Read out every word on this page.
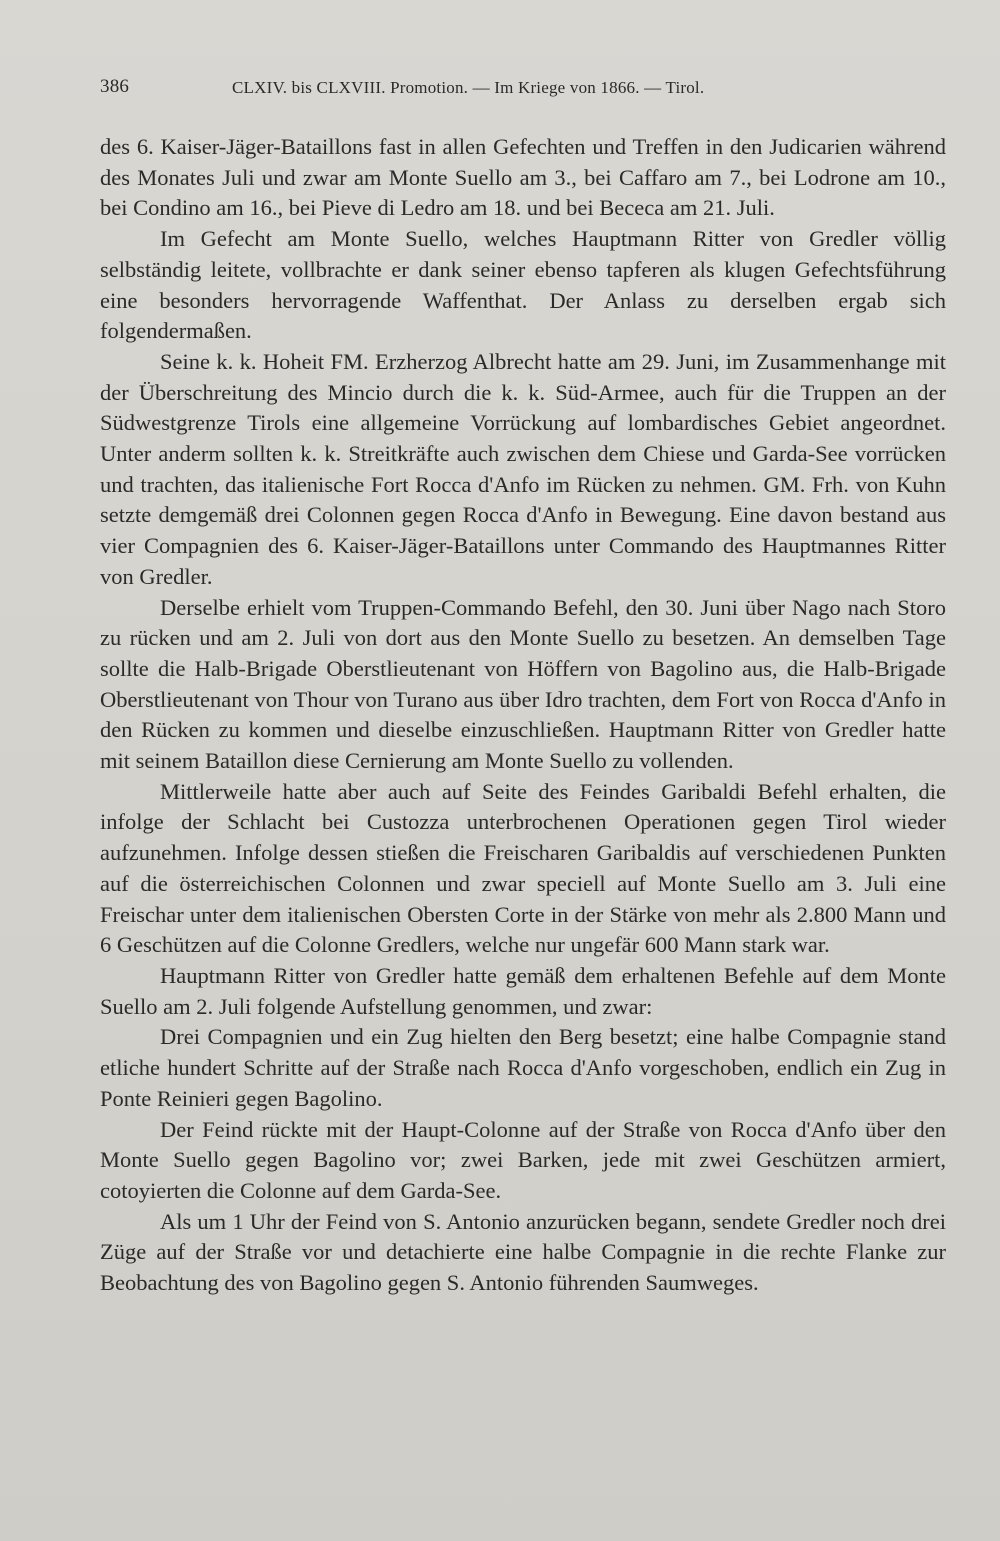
386	CLXIV. bis CLXVIII. Promotion. — Im Kriege von 1866. — Tirol.

des 6. Kaiser-Jäger-Bataillons fast in allen Gefechten und Treffen in den Judicarien während des Monates Juli und zwar am Monte Suello am 3., bei Caffaro am 7., bei Lodrone am 10., bei Condino am 16., bei Pieve di Ledro am 18. und bei Bececa am 21. Juli.

Im Gefecht am Monte Suello, welches Hauptmann Ritter von Gredler völlig selbständig leitete, vollbrachte er dank seiner ebenso tapferen als klugen Gefechtsführung eine besonders hervorragende Waffenthat. Der Anlass zu derselben ergab sich folgendermaßen.

Seine k. k. Hoheit FM. Erzherzog Albrecht hatte am 29. Juni, im Zusammenhange mit der Überschreitung des Mincio durch die k. k. Süd-Armee, auch für die Truppen an der Südwestgrenze Tirols eine allgemeine Vorrückung auf lombardisches Gebiet angeordnet. Unter anderm sollten k. k. Streitkräfte auch zwischen dem Chiese und Garda-See vorrücken und trachten, das italienische Fort Rocca d'Anfo im Rücken zu nehmen. GM. Frh. von Kuhn setzte demgemäß drei Colonnen gegen Rocca d'Anfo in Bewegung. Eine davon bestand aus vier Compagnien des 6. Kaiser-Jäger-Bataillons unter Commando des Hauptmannes Ritter von Gredler.

Derselbe erhielt vom Truppen-Commando Befehl, den 30. Juni über Nago nach Storo zu rücken und am 2. Juli von dort aus den Monte Suello zu besetzen. An demselben Tage sollte die Halb-Brigade Oberstlieutenant von Höffern von Bagolino aus, die Halb-Brigade Oberstlieutenant von Thour von Turano aus über Idro trachten, dem Fort von Rocca d'Anfo in den Rücken zu kommen und dieselbe einzuschließen. Hauptmann Ritter von Gredler hatte mit seinem Bataillon diese Cernierung am Monte Suello zu vollenden.

Mittlerweile hatte aber auch auf Seite des Feindes Garibaldi Befehl erhalten, die infolge der Schlacht bei Custozza unterbrochenen Operationen gegen Tirol wieder aufzunehmen. Infolge dessen stießen die Freischaren Garibaldis auf verschiedenen Punkten auf die österreichischen Colonnen und zwar speciell auf Monte Suello am 3. Juli eine Freischar unter dem italienischen Obersten Corte in der Stärke von mehr als 2.800 Mann und 6 Geschützen auf die Colonne Gredlers, welche nur ungefär 600 Mann stark war.

Hauptmann Ritter von Gredler hatte gemäß dem erhaltenen Befehle auf dem Monte Suello am 2. Juli folgende Aufstellung genommen, und zwar:

Drei Compagnien und ein Zug hielten den Berg besetzt; eine halbe Compagnie stand etliche hundert Schritte auf der Straße nach Rocca d'Anfo vorgeschoben, endlich ein Zug in Ponte Reinieri gegen Bagolino.

Der Feind rückte mit der Haupt-Colonne auf der Straße von Rocca d'Anfo über den Monte Suello gegen Bagolino vor; zwei Barken, jede mit zwei Geschützen armiert, cotoyierten die Colonne auf dem Garda-See.

Als um 1 Uhr der Feind von S. Antonio anzurücken begann, sendete Gredler noch drei Züge auf der Straße vor und detachierte eine halbe Compagnie in die rechte Flanke zur Beobachtung des von Bagolino gegen S. Antonio führenden Saumweges.
